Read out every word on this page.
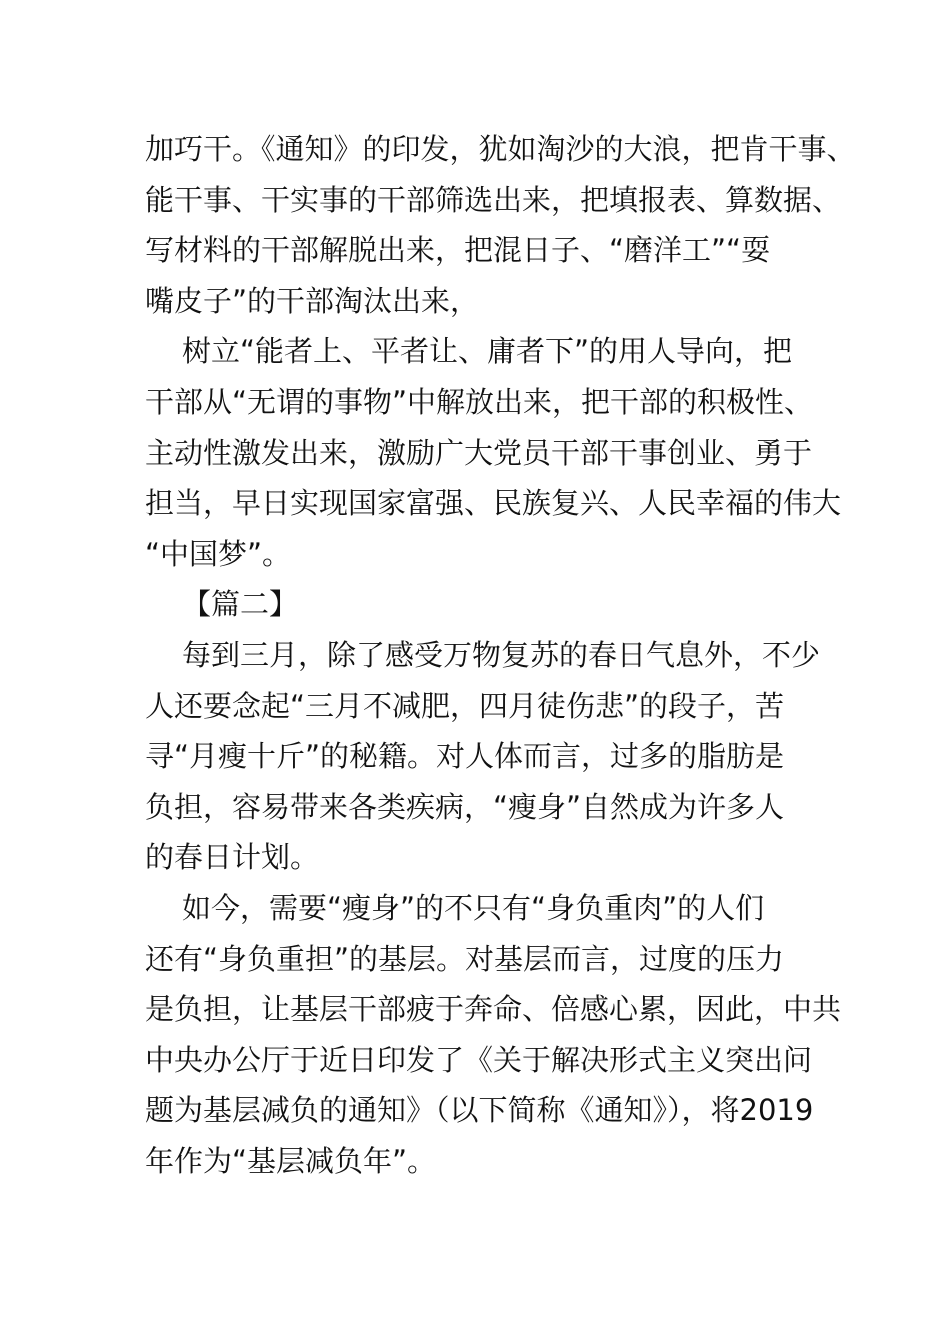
加巧干。《通知》的印发，犹如淘沙的大浪，把肯干事、
能干事、干实事的干部筛选出来，把填报表、算数据、
写材料的干部解脱出来，把混日子、“磨洋工”“耍
嘴皮子”的干部淘汰出来，
树立“能者上、平者让、庸者下”的用人导向，把
干部从“无谓的事物”中解放出来，把干部的积极性、
主动性激发出来，激励广大党员干部干事创业、勇于
担当，早日实现国家富强、民族复兴、人民幸福的伟大
“中国梦”。
【篇二】
每到三月，除了感受万物复苏的春日气息外，不少
人还要念起“三月不减肥，四月徒伤悲”的段子，苦
寻“月瘦十斤”的秘籍。对人体而言，过多的脂肪是
负担，容易带来各类疾病，“瘦身”自然成为许多人
的春日计划。
如今，需要“瘦身”的不只有“身负重肉”的人们
还有“身负重担”的基层。对基层而言，过度的压力
是负担，让基层干部疲于奔命、倍感心累，因此，中共
中央办公厅于近日印发了《关于解决形式主义突出问
题为基层减负的通知》（以下简称《通知》），将2019
年作为“基层减负年”。
